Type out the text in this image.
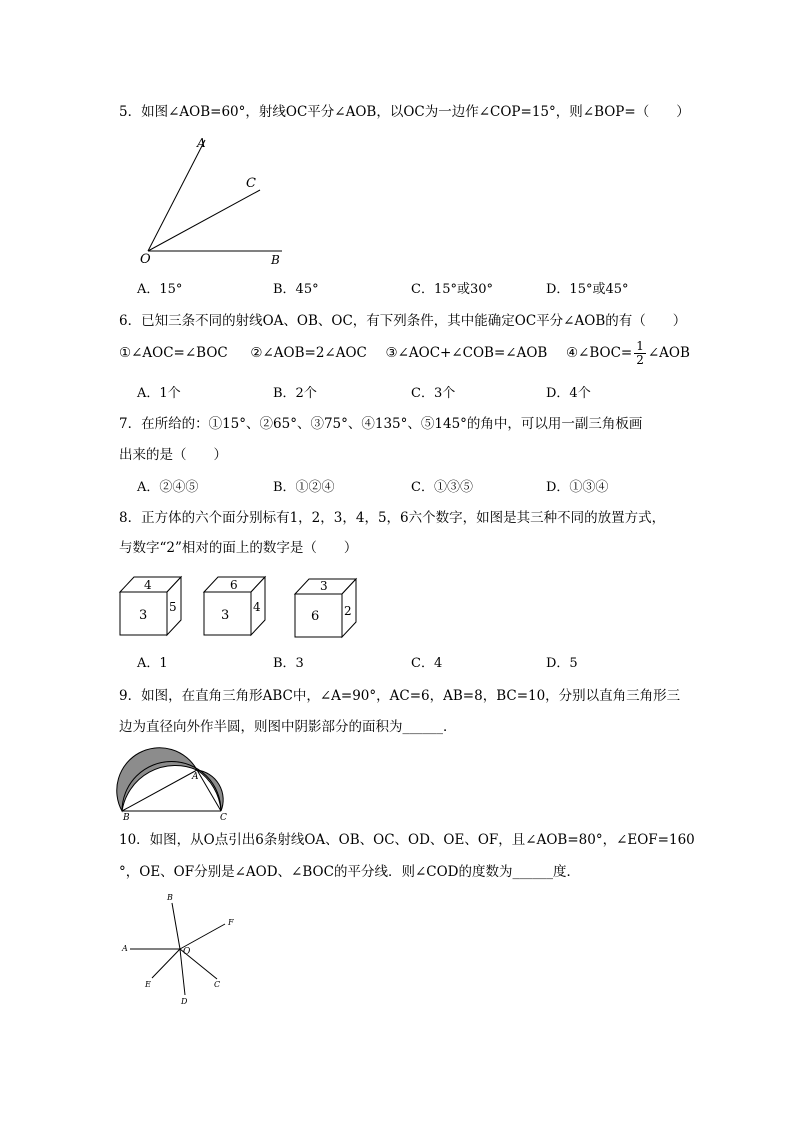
5．如图∠AOB=60°，射线OC平分∠AOB，以OC为一边作∠COP=15°，则∠BOP=（　　）
A
C
O	B
A．15°	B．45°	C．15°或30°	D．15°或45°
6．已知三条不同的射线OA、OB、OC，有下列条件，其中能确定OC平分∠AOB的有（　　）
①∠AOC=∠BOC ②∠AOB=2∠AOC ③∠AOC+∠COB=∠AOB ④∠BOC= $\frac{1}{2}$ ∠AOB
A．1个	B．2个	C．3个	D．4个
7．在所给的：①15°、②65°、③75°、④135°、⑤145°的角中，可以用一副三角板画
出来的是（　　）
A．②④⑤	B．①②④	C．①③⑤	D．①③④
8．正方体的六个面分别标有1，2，3，4，5，6六个数字，如图是其三种不同的放置方式，
与数字“2”相对的面上的数字是（　　）
4
3
5
6
3
4
3
6 2
A．1	B．3	C．4	D．5
9．如图，在直角三角形ABC中，∠A=90°，AC=6，AB=8，BC=10，分别以直角三角形三
边为直径向外作半圆，则图中阴影部分的面积为______．
A
B	C
10．如图，从O点引出6条射线OA、OB、OC、OD、OE、OF，且∠AOB=80°，∠EOF=160
°，OE、OF分别是∠AOD、∠BOC的平分线．则∠COD的度数为______度．
A
B
F
O
C
D
E
